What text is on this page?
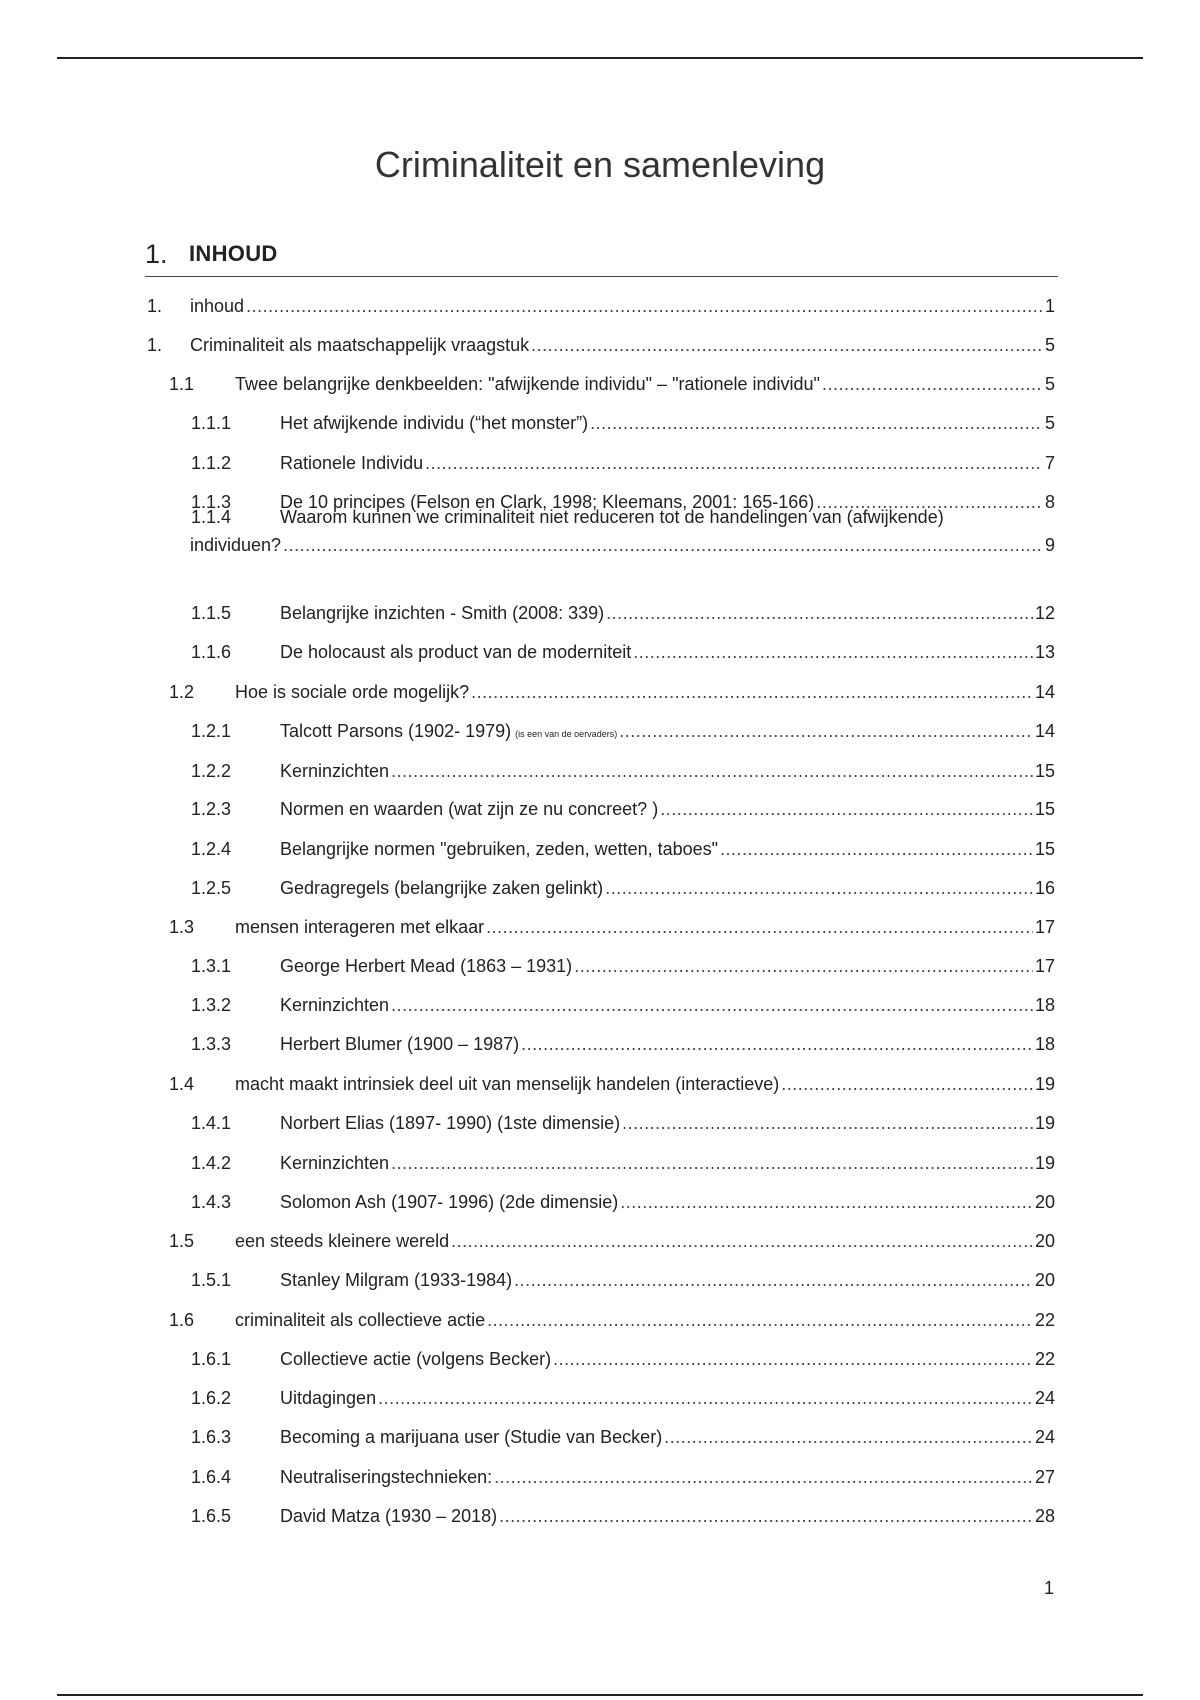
Criminaliteit en samenleving
1. INHOUD
1.	inhoud .....	1
1.	Criminaliteit als maatschappelijk vraagstuk .....	5
1.1	Twee belangrijke denkbeelden: "afwijkende individu" – "rationele individu" .....	5
1.1.1	Het afwijkende individu (“het monster”) .....	5
1.1.2	Rationele Individu .....	7
1.1.3	De 10 principes (Felson en Clark, 1998; Kleemans, 2001: 165-166) .....	8
1.1.4	Waarom kunnen we criminaliteit niet reduceren tot de handelingen van (afwijkende)
individuen? .....	9
1.1.5	Belangrijke inzichten - Smith (2008: 339) .....	12
1.1.6	De holocaust als product van de moderniteit .....	13
1.2	Hoe is sociale orde mogelijk? .....	14
1.2.1	Talcott Parsons (1902- 1979) (is een van de oervaders) .....	14
1.2.2	Kerninzichten .....	15
1.2.3	Normen en waarden (wat zijn ze nu concreet? ) .....	15
1.2.4	Belangrijke normen "gebruiken, zeden, wetten, taboes" .....	15
1.2.5	Gedragregels (belangrijke zaken gelinkt) .....	16
1.3	mensen interageren met elkaar .....	17
1.3.1	George Herbert Mead (1863 – 1931) .....	17
1.3.2	Kerninzichten .....	18
1.3.3	Herbert Blumer (1900 – 1987) .....	18
1.4	macht maakt intrinsiek deel uit van menselijk handelen (interactieve) .....	19
1.4.1	Norbert Elias (1897- 1990) (1ste dimensie) .....	19
1.4.2	Kerninzichten .....	19
1.4.3	Solomon Ash (1907- 1996) (2de dimensie) .....	20
1.5	een steeds kleinere wereld .....	20
1.5.1	Stanley Milgram (1933-1984) .....	20
1.6	criminaliteit als collectieve actie .....	22
1.6.1	Collectieve actie (volgens Becker) .....	22
1.6.2	Uitdagingen .....	24
1.6.3	Becoming a marijuana user (Studie van Becker) .....	24
1.6.4	Neutraliseringstechnieken: .....	27
1.6.5	David Matza (1930 – 2018) .....	28
1
